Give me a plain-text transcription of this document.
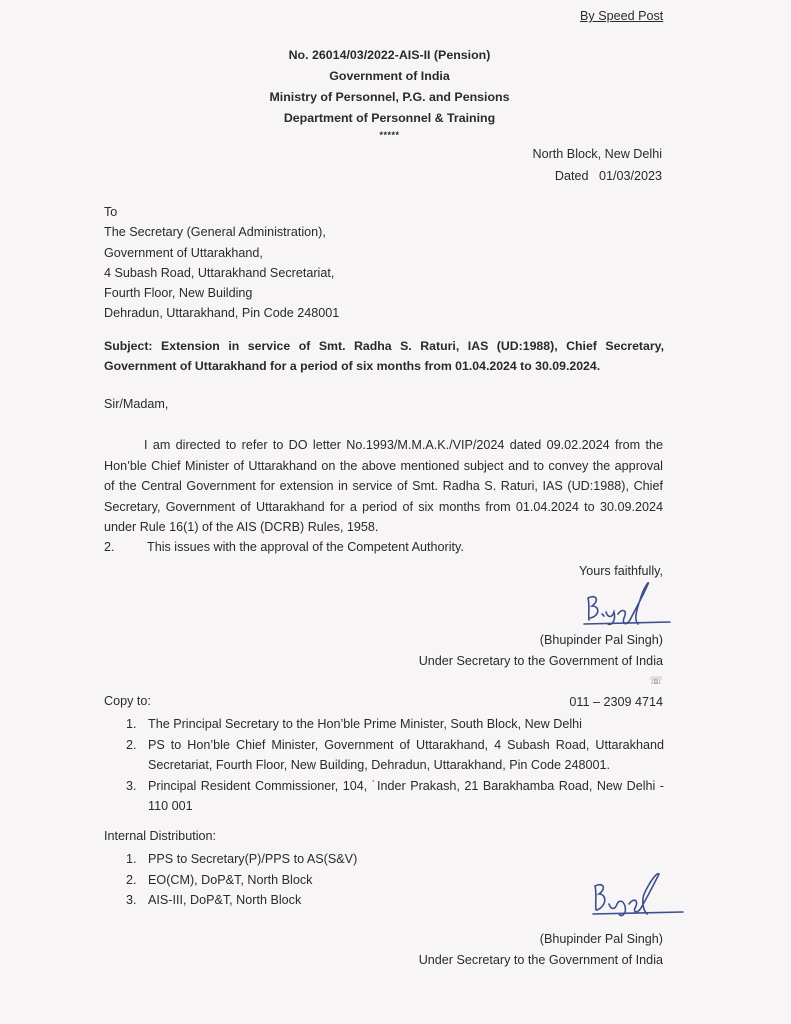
By Speed Post
No. 26014/03/2022-AIS-II (Pension)
Government of India
Ministry of Personnel, P.G. and Pensions
Department of Personnel & Training
*****
North Block, New Delhi
Dated   01/03/2023
To
The Secretary (General Administration),
Government of Uttarakhand,
4 Subash Road, Uttarakhand Secretariat,
Fourth Floor, New Building
Dehradun, Uttarakhand, Pin Code 248001
Subject: Extension in service of Smt. Radha S. Raturi, IAS (UD:1988), Chief Secretary, Government of Uttarakhand for a period of six months from 01.04.2024 to 30.09.2024.
Sir/Madam,
I am directed to refer to DO letter No.1993/M.M.A.K./VIP/2024 dated 09.02.2024 from the Hon’ble Chief Minister of Uttarakhand on the above mentioned subject and to convey the approval of the Central Government for extension in service of Smt. Radha S. Raturi, IAS (UD:1988), Chief Secretary, Government of Uttarakhand for a period of six months from 01.04.2024 to 30.09.2024 under Rule 16(1) of the AIS (DCRB) Rules, 1958.
2.	This issues with the approval of the Competent Authority.
Yours faithfully,
(Bhupinder Pal Singh)
Under Secretary to the Government of India
☏
011 – 2309 4714
Copy to:
1. The Principal Secretary to the Hon’ble Prime Minister, South Block, New Delhi
2. PS to Hon’ble Chief Minister, Government of Uttarakhand, 4 Subash Road, Uttarakhand Secretariat, Fourth Floor, New Building, Dehradun, Uttarakhand, Pin Code 248001.
3. Principal Resident Commissioner, 104, ˙Inder Prakash, 21 Barakhamba Road, New Delhi - 110 001
Internal Distribution:
1. PPS to Secretary(P)/PPS to AS(S&V)
2. EO(CM), DoP&T, North Block
3. AIS-III, DoP&T, North Block
(Bhupinder Pal Singh)
Under Secretary to the Government of India
